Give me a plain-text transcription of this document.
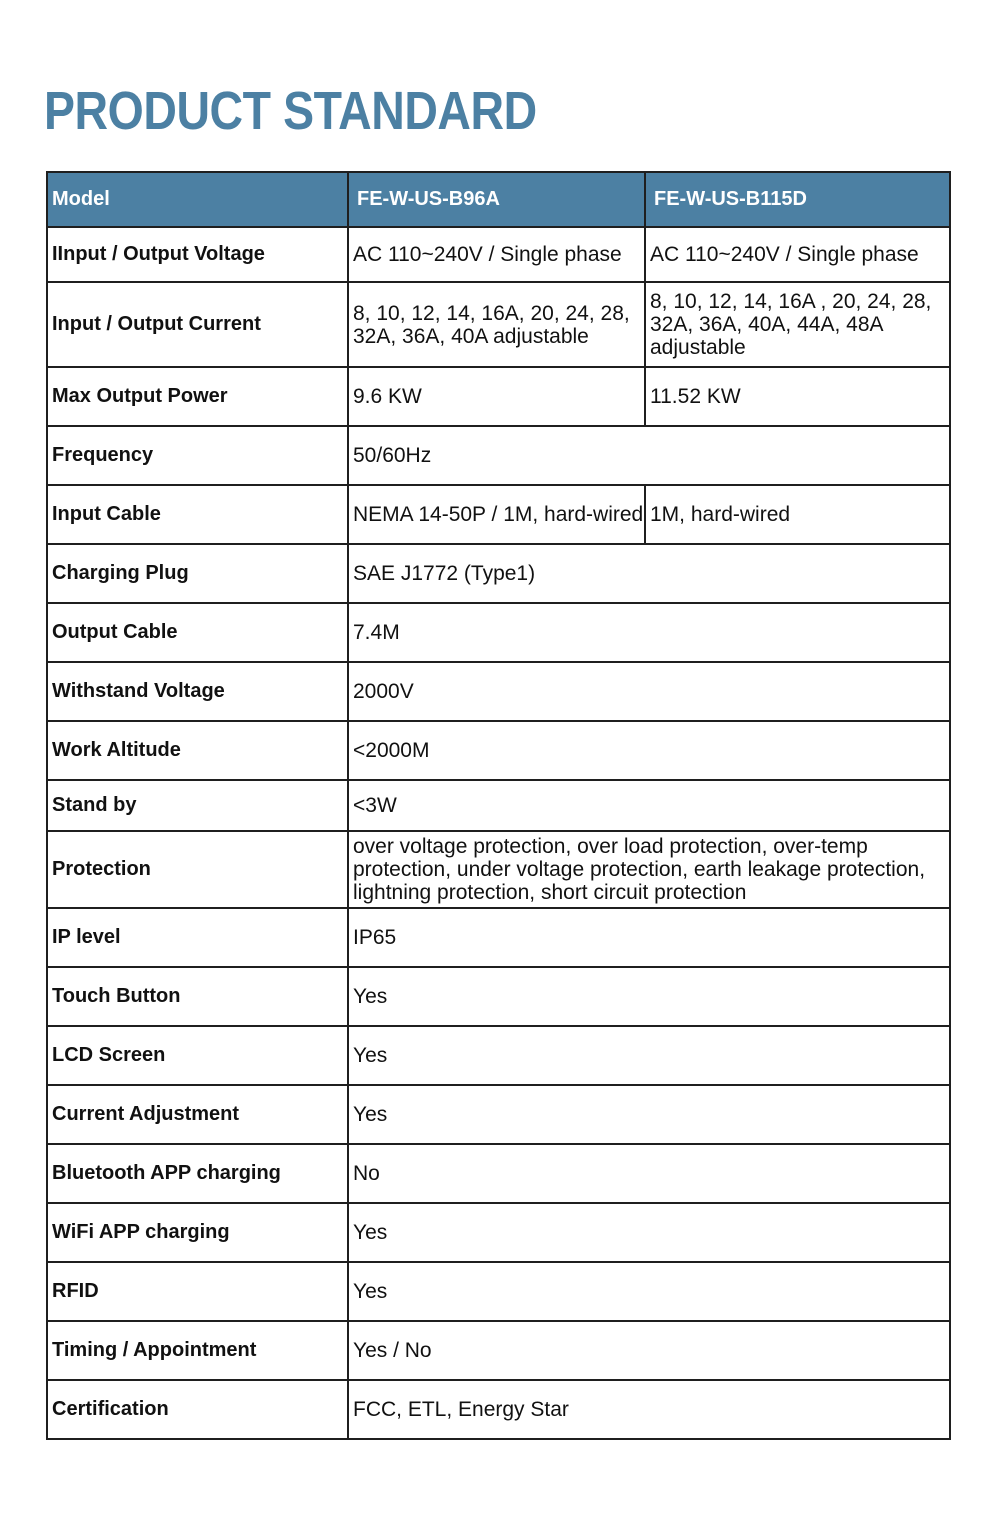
PRODUCT STANDARD
Model	FE-W-US-B96A	FE-W-US-B115D
IInput / Output Voltage	AC 110~240V / Single phase	AC 110~240V / Single phase
Input / Output Current	8, 10, 12, 14, 16A, 20, 24, 28, 32A, 36A, 40A adjustable	8, 10, 12, 14, 16A , 20, 24, 28, 32A, 36A, 40A, 44A, 48A adjustable
Max Output Power	9.6 KW	11.52 KW
Frequency	50/60Hz	
Input Cable	NEMA 14-50P / 1M, hard-wired	1M, hard-wired
Charging Plug	SAE J1772 (Type1)	
Output Cable	7.4M	
Withstand Voltage	2000V	
Work Altitude	<2000M	
Stand by	<3W	
Protection	over voltage protection, over load protection, over-temp protection, under voltage protection, earth leakage protection, lightning protection, short circuit protection	
IP level	IP65	
Touch Button	Yes	
LCD Screen	Yes	
Current Adjustment	Yes	
Bluetooth APP charging	No	
WiFi APP charging	Yes	
RFID	Yes	
Timing / Appointment	Yes / No	
Certification	FCC, ETL, Energy Star	
